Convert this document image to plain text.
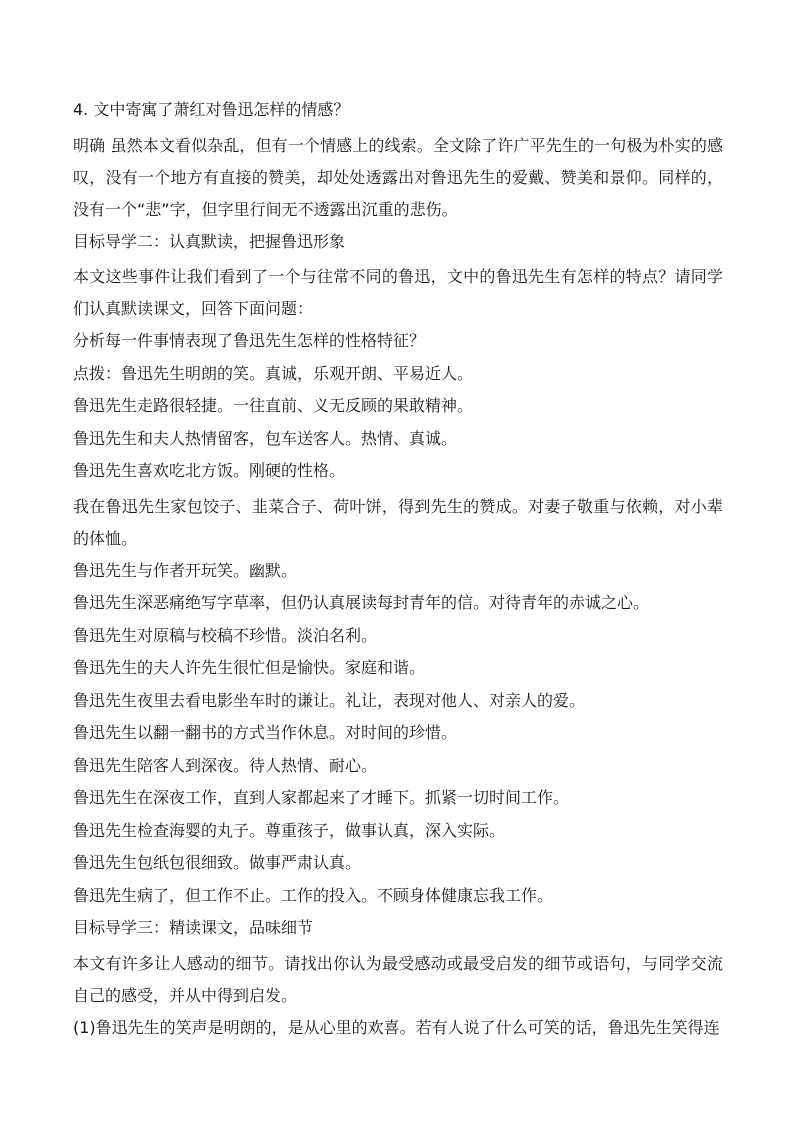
4. 文中寄寓了萧红对鲁迅怎样的情感？

明确 虽然本文看似杂乱，但有一个情感上的线索。全文除了许广平先生的一句极为朴实的感叹，没有一个地方有直接的赞美，却处处透露出对鲁迅先生的爱戴、赞美和景仰。同样的，没有一个“悲”字，但字里行间无不透露出沉重的悲伤。

目标导学二：认真默读，把握鲁迅形象

本文这些事件让我们看到了一个与往常不同的鲁迅，文中的鲁迅先生有怎样的特点？请同学们认真默读课文，回答下面问题：

分析每一件事情表现了鲁迅先生怎样的性格特征？

点拨：鲁迅先生明朗的笑。真诚，乐观开朗、平易近人。

鲁迅先生走路很轻捷。一往直前、义无反顾的果敢精神。

鲁迅先生和夫人热情留客，包车送客人。热情、真诚。

鲁迅先生喜欢吃北方饭。刚硬的性格。

我在鲁迅先生家包饺子、韭菜合子、荷叶饼，得到先生的赞成。对妻子敬重与依赖，对小辈的体恤。

鲁迅先生与作者开玩笑。幽默。

鲁迅先生深恶痛绝写字草率，但仍认真展读每封青年的信。对待青年的赤诚之心。

鲁迅先生对原稿与校稿不珍惜。淡泊名利。

鲁迅先生的夫人许先生很忙但是愉快。家庭和谐。

鲁迅先生夜里去看电影坐车时的谦让。礼让，表现对他人、对亲人的爱。

鲁迅先生以翻一翻书的方式当作休息。对时间的珍惜。

鲁迅先生陪客人到深夜。待人热情、耐心。

鲁迅先生在深夜工作，直到人家都起来了才睡下。抓紧一切时间工作。

鲁迅先生检查海婴的丸子。尊重孩子，做事认真，深入实际。

鲁迅先生包纸包很细致。做事严肃认真。

鲁迅先生病了，但工作不止。工作的投入。不顾身体健康忘我工作。

目标导学三：精读课文，品味细节

本文有许多让人感动的细节。请找出你认为最受感动或最受启发的细节或语句，与同学交流自己的感受，并从中得到启发。

(1)鲁迅先生的笑声是明朗的，是从心里的欢喜。若有人说了什么可笑的话，鲁迅先生笑得连
